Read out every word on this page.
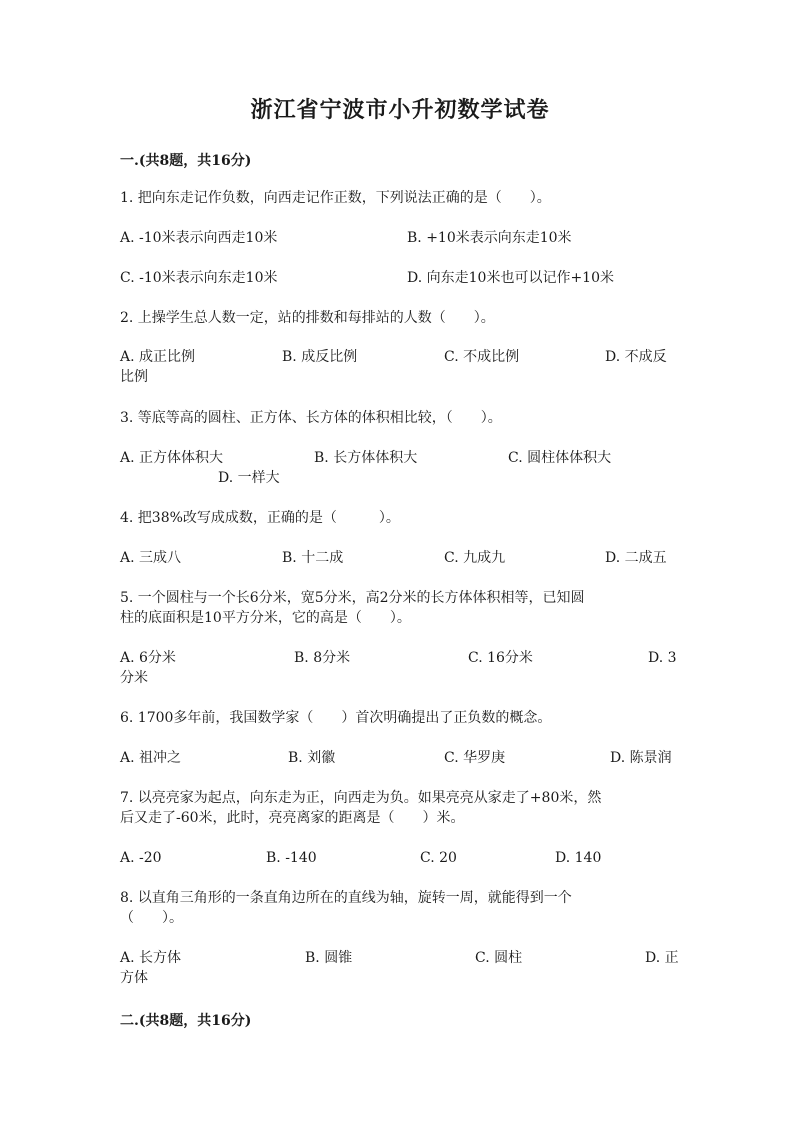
浙江省宁波市小升初数学试卷
一.(共8题，共16分)
1. 把向东走记作负数，向西走记作正数，下列说法正确的是（　　）。
A. -10米表示向西走10米	B. +10米表示向东走10米
C. -10米表示向东走10米	D. 向东走10米也可以记作+10米
2. 上操学生总人数一定，站的排数和每排站的人数（　　）。
A. 成正比例	B. 成反比例	C. 不成比例	D. 不成反
比例
3. 等底等高的圆柱、正方体、长方体的体积相比较，（　　）。
A. 正方体体积大	B. 长方体体积大	C. 圆柱体体积大
D. 一样大
4. 把38%改写成成数，正确的是（　　　）。
A. 三成八	B. 十二成	C. 九成九	D. 二成五
5. 一个圆柱与一个长6分米，宽5分米，高2分米的长方体体积相等，已知圆
柱的底面积是10平方分米，它的高是（　　）。
A. 6分米	B. 8分米	C. 16分米	D. 3
分米
6. 1700多年前，我国数学家（　　）首次明确提出了正负数的概念。
A. 祖冲之	B. 刘徽	C. 华罗庚	D. 陈景润
7. 以亮亮家为起点，向东走为正，向西走为负。如果亮亮从家走了+80米，然
后又走了-60米，此时，亮亮离家的距离是（　　）米。
A. -20	B. -140	C. 20	D. 140
8. 以直角三角形的一条直角边所在的直线为轴，旋转一周，就能得到一个
（　　）。
A. 长方体	B. 圆锥	C. 圆柱	D. 正
方体
二.(共8题，共16分)
